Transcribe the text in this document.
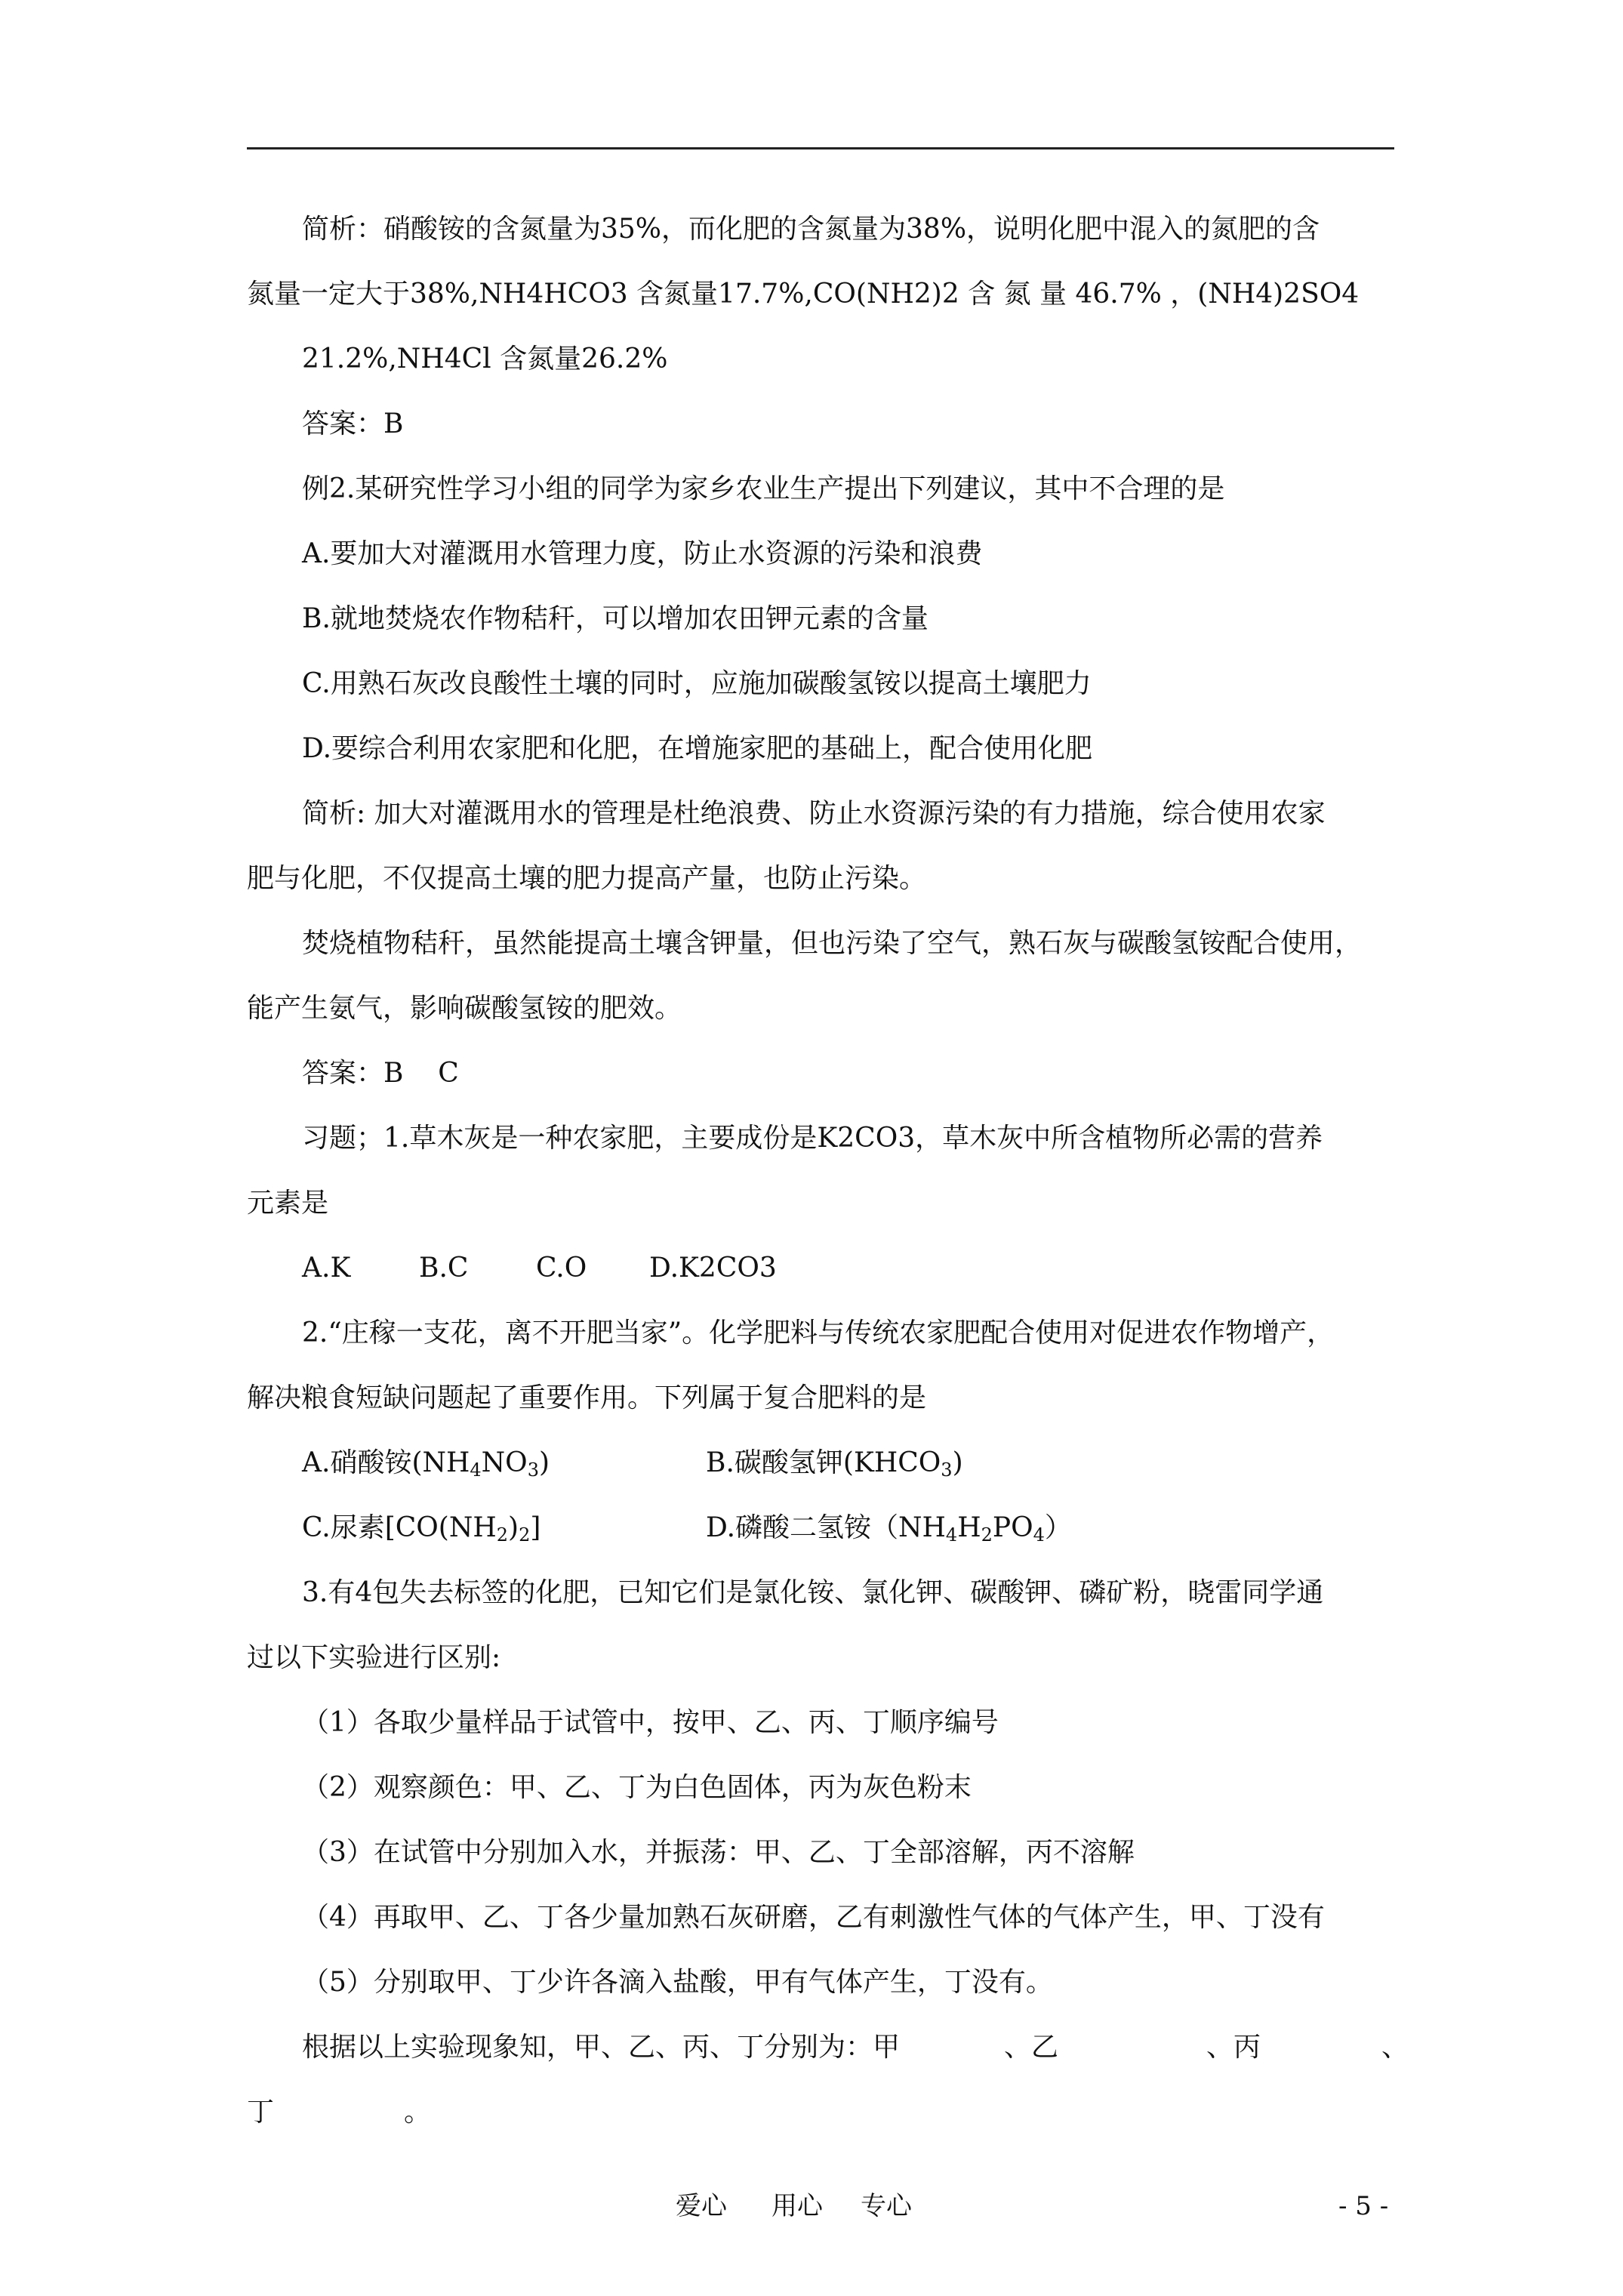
简析：硝酸铵的含氮量为35%，而化肥的含氮量为38%，说明化肥中混入的氮肥的含
氮量一定大于38%,NH4HCO3 含氮量17.7%,CO(NH2)2 含 氮 量 46.7% ，(NH4)2SO4
21.2%,NH4Cl 含氮量26.2%
答案：B
例2.某研究性学习小组的同学为家乡农业生产提出下列建议，其中不合理的是
A.要加大对灌溉用水管理力度，防止水资源的污染和浪费
B.就地焚烧农作物秸秆，可以增加农田钾元素的含量
C.用熟石灰改良酸性土壤的同时，应施加碳酸氢铵以提高土壤肥力
D.要综合利用农家肥和化肥，在增施家肥的基础上，配合使用化肥
简析: 加大对灌溉用水的管理是杜绝浪费、防止水资源污染的有力措施，综合使用农家
肥与化肥，不仅提高土壤的肥力提高产量，也防止污染。
焚烧植物秸秆，虽然能提高土壤含钾量，但也污染了空气，熟石灰与碳酸氢铵配合使用，
能产生氨气，影响碳酸氢铵的肥效。
答案：B    C
习题；1.草木灰是一种农家肥，主要成份是K2CO3，草木灰中所含植物所必需的营养
元素是
A.K	B.C C.O D.K2CO3
2.“庄稼一支花，离不开肥当家”。化学肥料与传统农家肥配合使用对促进农作物增产，
解决粮食短缺问题起了重要作用。下列属于复合肥料的是
A.硝酸铵$(NH_4NO_3)$	B.碳酸氢钾$(KHCO_3)$
C.尿素$[CO(NH_2)_2]$	D.磷酸二氢铵$(NH_4H_2PO_4)$
3.有4包失去标签的化肥，已知它们是氯化铵、氯化钾、碳酸钾、磷矿粉，晓雷同学通
过以下实验进行区别:
（1）各取少量样品于试管中，按甲、乙、丙、丁顺序编号
（2）观察颜色：甲、乙、丁为白色固体，丙为灰色粉末
（3）在试管中分别加入水，并振荡：甲、乙、丁全部溶解，丙不溶解
（4）再取甲、乙、丁各少量加熟石灰研磨，乙有刺激性气体的气体产生，甲、丁没有
（5）分别取甲、丁少许各滴入盐酸，甲有气体产生，丁没有。
根据以上实验现象知，甲、乙、丙、丁分别为：甲	、乙	、丙	、
丁	。
爱心 用心 专心	- 5 -
